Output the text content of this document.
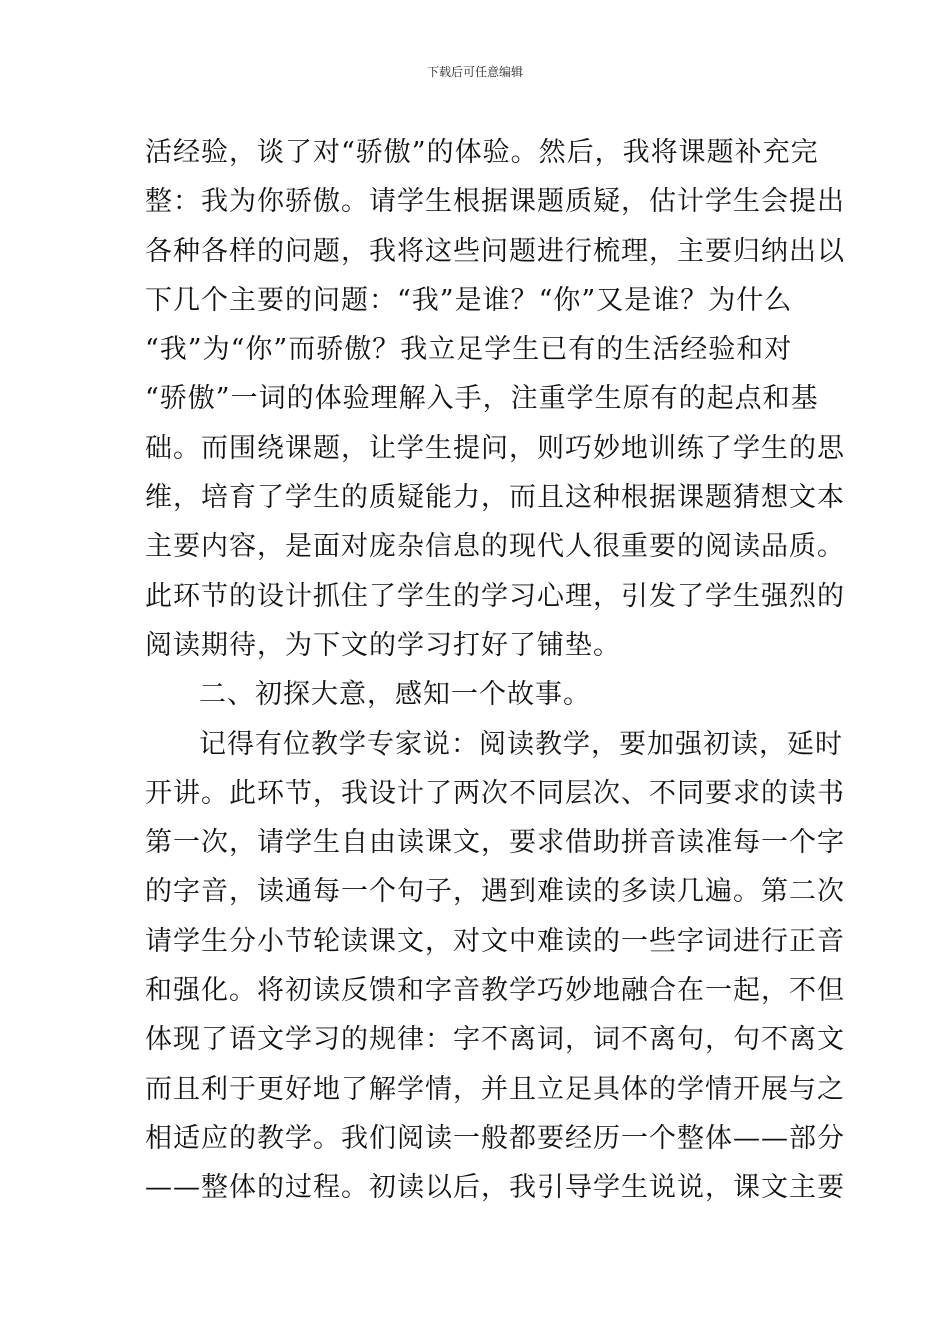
下载后可任意编辑
活经验，谈了对“骄傲”的体验。然后，我将课题补充完
整：我为你骄傲。请学生根据课题质疑，估计学生会提出
各种各样的问题，我将这些问题进行梳理，主要归纳出以
下几个主要的问题：“我”是谁？“你”又是谁？为什么
“我”为“你”而骄傲？我立足学生已有的生活经验和对
“骄傲”一词的体验理解入手，注重学生原有的起点和基
础。而围绕课题，让学生提问，则巧妙地训练了学生的思
维，培育了学生的质疑能力，而且这种根据课题猜想文本
主要内容，是面对庞杂信息的现代人很重要的阅读品质。
此环节的设计抓住了学生的学习心理，引发了学生强烈的
阅读期待，为下文的学习打好了铺垫。
二、初探大意，感知一个故事。
记得有位教学专家说：阅读教学，要加强初读，延时
开讲。此环节，我设计了两次不同层次、不同要求的读书
第一次，请学生自由读课文，要求借助拼音读准每一个字
的字音，读通每一个句子，遇到难读的多读几遍。第二次
请学生分小节轮读课文，对文中难读的一些字词进行正音
和强化。将初读反馈和字音教学巧妙地融合在一起，不但
体现了语文学习的规律：字不离词，词不离句，句不离文
而且利于更好地了解学情，并且立足具体的学情开展与之
相适应的教学。我们阅读一般都要经历一个整体——部分
——整体的过程。初读以后，我引导学生说说，课文主要
